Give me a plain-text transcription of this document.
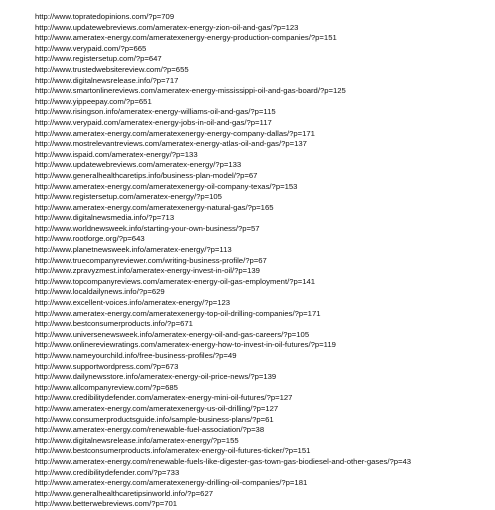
http://www.topratedopinions.com/?p=709
http://www.updatewebreviews.com/ameratex-energy-zion-oil-and-gas/?p=123
http://www.ameratex-energy.com/ameratexenergy-energy-production-companies/?p=151
http://www.verypaid.com/?p=665
http://www.registersetup.com/?p=647
http://www.trustedwebsitereview.com/?p=655
http://www.digitalnewsrelease.info/?p=717
http://www.smartonlinereviews.com/ameratex-energy-mississippi-oil-and-gas-board/?p=125
http://www.yippeepay.com/?p=651
http://www.risingson.info/ameratex-energy-williams-oil-and-gas/?p=115
http://www.verypaid.com/ameratex-energy-jobs-in-oil-and-gas/?p=117
http://www.ameratex-energy.com/ameratexenergy-energy-company-dallas/?p=171
http://www.mostrelevantreviews.com/ameratex-energy-atlas-oil-and-gas/?p=137
http://www.ispaid.com/ameratex-energy/?p=133
http://www.updatewebreviews.com/ameratex-energy/?p=133
http://www.generalhealthcaretips.info/business-plan-model/?p=67
http://www.ameratex-energy.com/ameratexenergy-oil-company-texas/?p=153
http://www.registersetup.com/ameratex-energy/?p=105
http://www.ameratex-energy.com/ameratexenergy-natural-gas/?p=165
http://www.digitalnewsmedia.info/?p=713
http://www.worldnewsweek.info/starting-your-own-business/?p=57
http://www.rootforge.org/?p=643
http://www.planetnewsweek.info/ameratex-energy/?p=113
http://www.truecompanyreviewer.com/writing-business-profile/?p=67
http://www.zpravyzmest.info/ameratex-energy-invest-in-oil/?p=139
http://www.topcompanyreviews.com/ameratex-energy-oil-gas-employment/?p=141
http://www.localdailynews.info/?p=629
http://www.excellent-voices.info/ameratex-energy/?p=123
http://www.ameratex-energy.com/ameratexenergy-top-oil-drilling-companies/?p=171
http://www.bestconsumerproducts.info/?p=671
http://www.universenewsweek.info/ameratex-energy-oil-and-gas-careers/?p=105
http://www.onlinereviewratings.com/ameratex-energy-how-to-invest-in-oil-futures/?p=119
http://www.nameyourchild.info/free-business-profiles/?p=49
http://www.supportwordpress.com/?p=673
http://www.dailynewsstore.info/ameratex-energy-oil-price-news/?p=139
http://www.allcompanyreview.com/?p=685
http://www.credibilitydefender.com/ameratex-energy-mini-oil-futures/?p=127
http://www.ameratex-energy.com/ameratexenergy-us-oil-drilling/?p=127
http://www.consumerproductsguide.info/sample-business-plans/?p=61
http://www.ameratex-energy.com/renewable-fuel-association/?p=38
http://www.digitalnewsrelease.info/ameratex-energy/?p=155
http://www.bestconsumerproducts.info/ameratex-energy-oil-futures-ticker/?p=151
http://www.ameratex-energy.com/renewable-fuels-like-digester-gas-town-gas-biodiesel-and-other-gases/?p=43
http://www.credibilitydefender.com/?p=733
http://www.ameratex-energy.com/ameratexenergy-drilling-oil-companies/?p=181
http://www.generalhealthcaretipsinworld.info/?p=627
http://www.betterwebreviews.com/?p=701
